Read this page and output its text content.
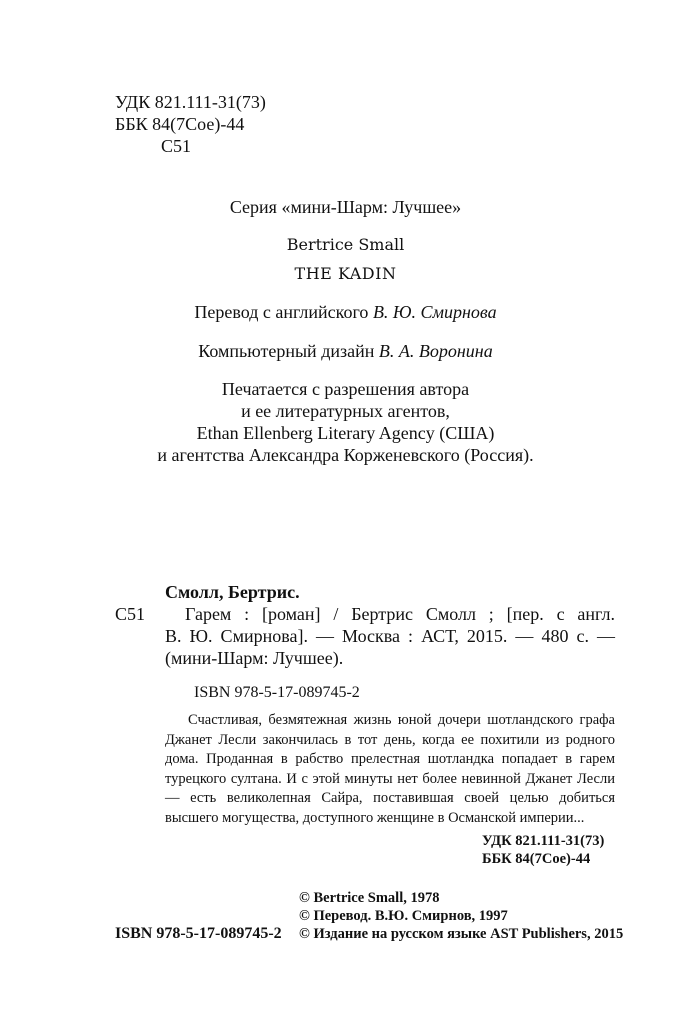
УДК 821.111-31(73)
ББК 84(7Сое)-44
С51
Серия «мини-Шарм: Лучшее»
Bertrice Small
THE KADIN
Перевод с английского В. Ю. Смирнова
Компьютерный дизайн В. А. Воронина
Печатается с разрешения автора
и ее литературных агентов,
Ethan Ellenberg Literary Agency (США)
и агентства Александра Корженевского (Россия).
Смолл, Бертрис.
С51	Гарем : [роман] / Бертрис Смолл ; [пер. с англ.
В. Ю. Смирнова]. — Москва : АСТ, 2015. — 480 с. —
(мини-Шарм: Лучшее).
ISBN 978-5-17-089745-2

Счастливая, безмятежная жизнь юной дочери шотландского графа Джанет Лесли закончилась в тот день, когда ее похитили из родного дома. Проданная в рабство прелестная шотландка попадает в гарем турецкого султана. И с этой минуты нет более невинной Джанет Лесли — есть великолепная Сайра, поставившая своей целью добиться высшего могущества, доступного женщине в Османской империи...

УДК 821.111-31(73)
ББК 84(7Сое)-44
© Bertrice Small, 1978
© Перевод. В.Ю. Смирнов, 1997
© Издание на русском языке AST Publishers, 2015
ISBN 978-5-17-089745-2
